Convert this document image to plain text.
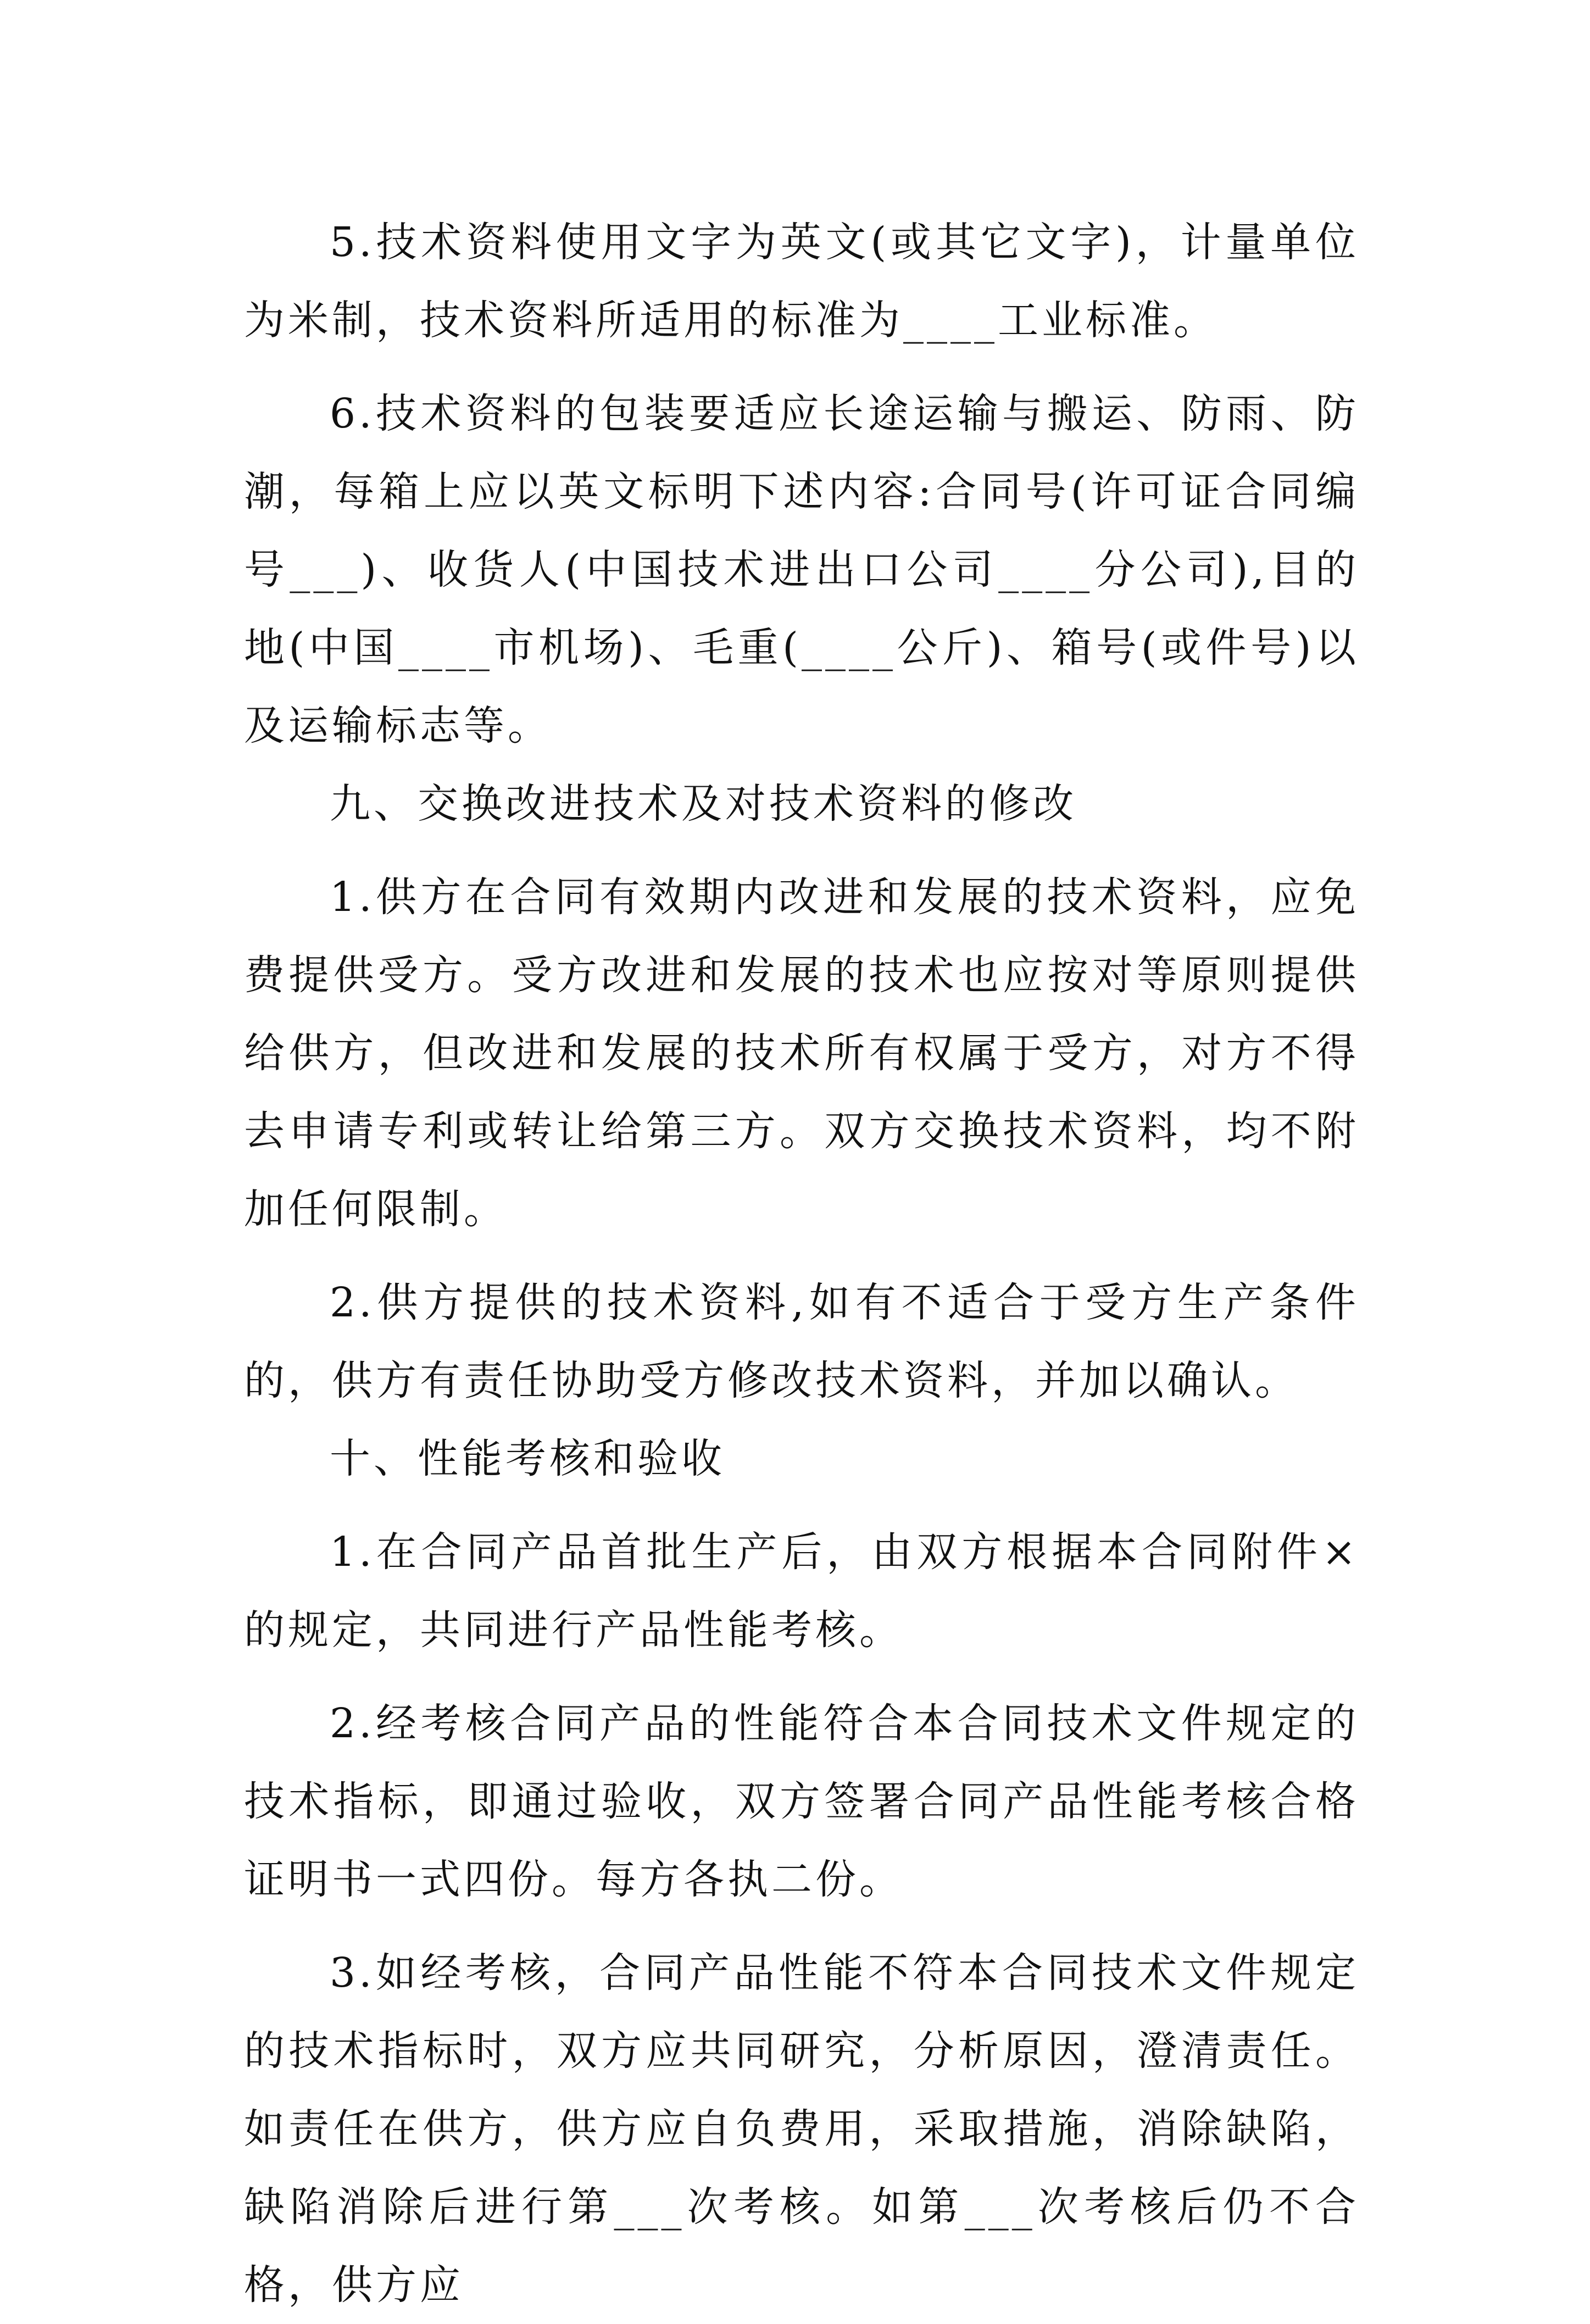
5.技术资料使用文字为英文(或其它文字)，计量单位为米制，技术资料所适用的标准为____工业标准。

6.技术资料的包装要适应长途运输与搬运、防雨、防潮，每箱上应以英文标明下述内容:合同号(许可证合同编号___)、收货人(中国技术进出口公司____分公司),目的地(中国____市机场)、毛重(____公斤)、箱号(或件号)以及运输标志等。

九、交换改进技术及对技术资料的修改

1.供方在合同有效期内改进和发展的技术资料，应免费提供受方。受方改进和发展的技术也应按对等原则提供给供方，但改进和发展的技术所有权属于受方，对方不得去申请专利或转让给第三方。双方交换技术资料，均不附加任何限制。

2.供方提供的技术资料,如有不适合于受方生产条件的，供方有责任协助受方修改技术资料，并加以确认。

十、性能考核和验收

1.在合同产品首批生产后，由双方根据本合同附件×的规定，共同进行产品性能考核。

2.经考核合同产品的性能符合本合同技术文件规定的技术指标，即通过验收，双方签署合同产品性能考核合格证明书一式四份。每方各执二份。

3.如经考核，合同产品性能不符本合同技术文件规定的技术指标时，双方应共同研究，分析原因，澄清责任。如责任在供方，供方应自负费用，采取措施，消除缺陷，缺陷消除后进行第___次考核。如第___次考核后仍不合格，供方应
